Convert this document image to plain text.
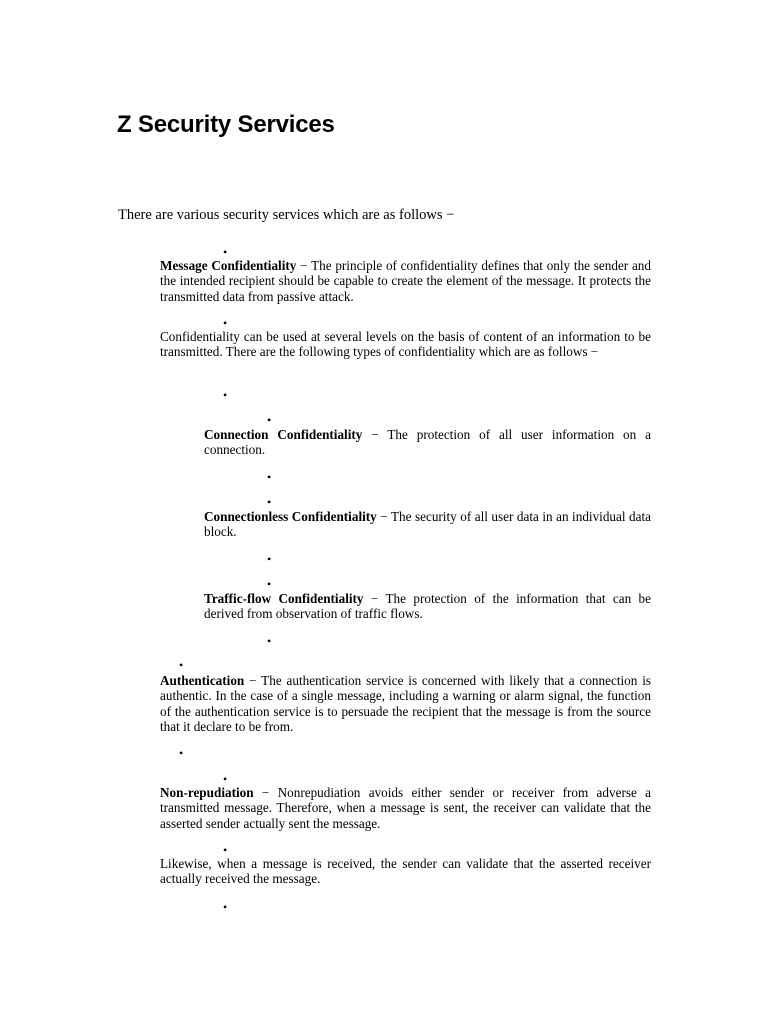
Z Security Services

There are various security services which are as follows −

•
•
•
•
•
•
•
•
•
•
•
•
•
•

Message Confidentiality − The principle of confidentiality defines that only the sender and the intended recipient should be capable to create the element of the message. It protects the transmitted data from passive attack.

Confidentiality can be used at several levels on the basis of content of an information to be transmitted. There are the following types of confidentiality which are as follows −

Connection Confidentiality − The protection of all user information on a connection.

Connectionless Confidentiality − The security of all user data in an individual data block.

Traffic-flow Confidentiality − The protection of the information that can be derived from observation of traffic flows.

Authentication − The authentication service is concerned with likely that a connection is authentic. In the case of a single message, including a warning or alarm signal, the function of the authentication service is to persuade the recipient that the message is from the source that it declare to be from.

Non-repudiation − Nonrepudiation avoids either sender or receiver from adverse a transmitted message. Therefore, when a message is sent, the receiver can validate that the asserted sender actually sent the message.

Likewise, when a message is received, the sender can validate that the asserted receiver actually received the message.
